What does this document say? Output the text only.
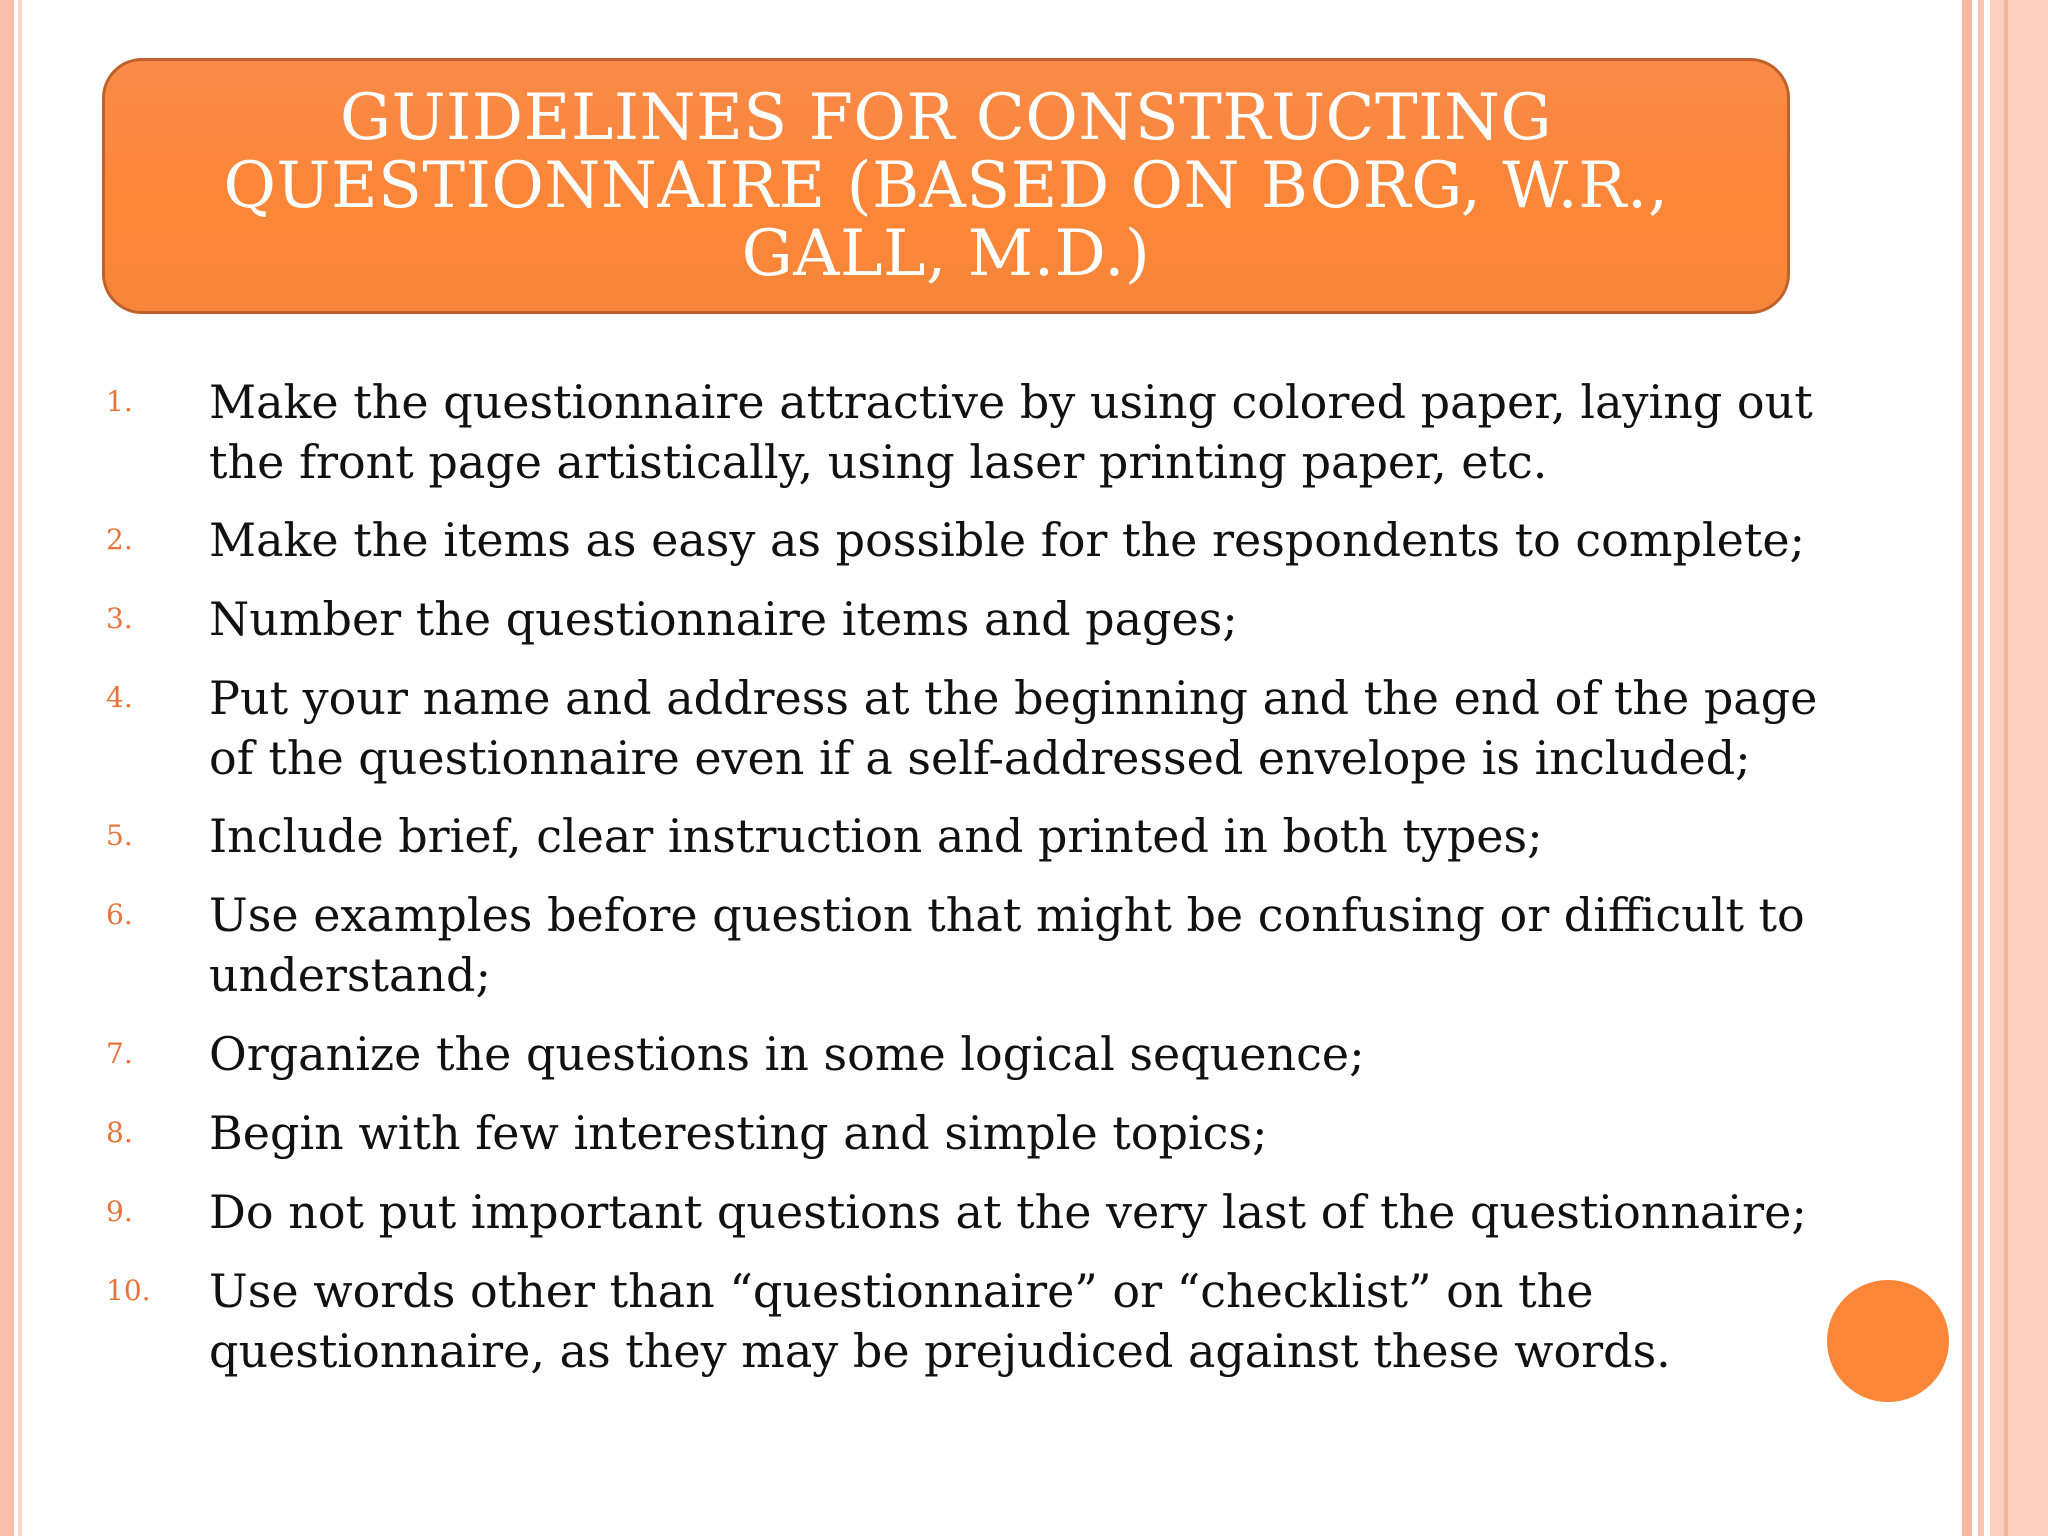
GUIDELINES FOR CONSTRUCTING
QUESTIONNAIRE (BASED ON BORG, W.R.,
GALL, M.D.)
1. Make the questionnaire attractive by using colored paper, laying out
the front page artistically, using laser printing paper, etc.
2. Make the items as easy as possible for the respondents to complete;
3. Number the questionnaire items and pages;
4. Put your name and address at the beginning and the end of the page
of the questionnaire even if a self-addressed envelope is included;
5. Include brief, clear instruction and printed in both types;
6. Use examples before question that might be confusing or difficult to
understand;
7. Organize the questions in some logical sequence;
8. Begin with few interesting and simple topics;
9. Do not put important questions at the very last of the questionnaire;
10. Use words other than “questionnaire” or “checklist” on the
questionnaire, as they may be prejudiced against these words.
